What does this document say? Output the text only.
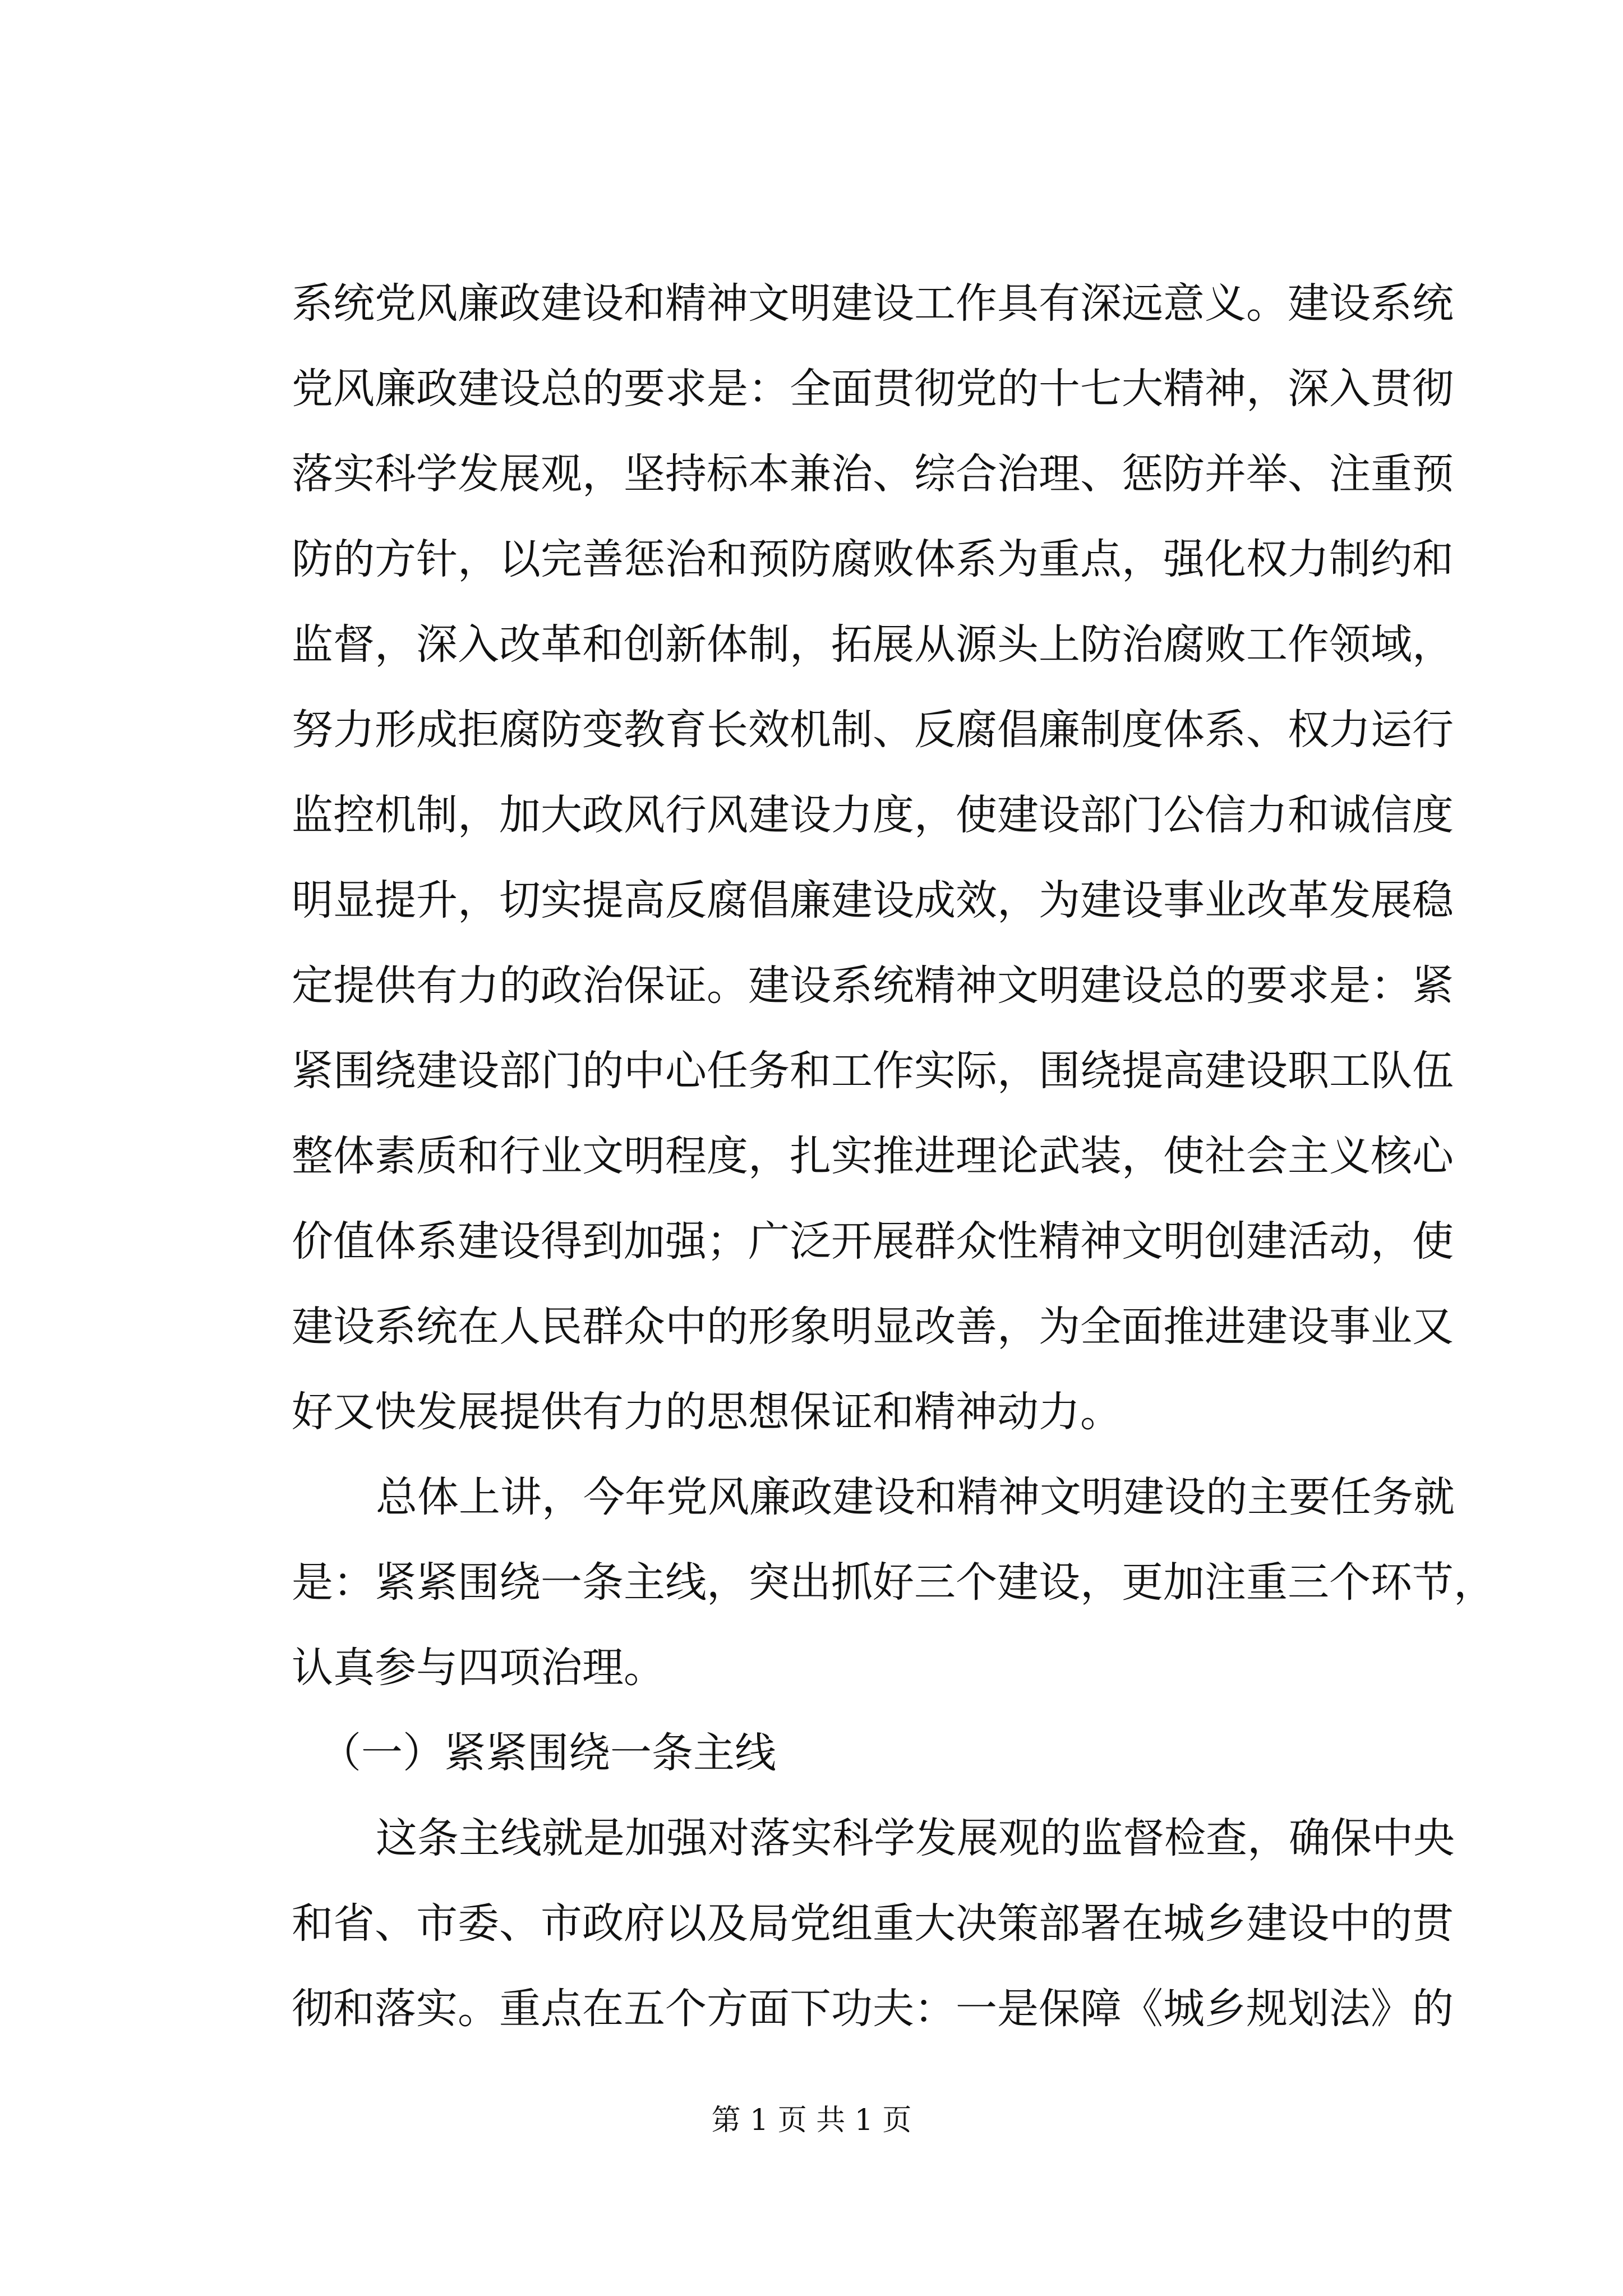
系统党风廉政建设和精神文明建设工作具有深远意义。建设系统
党风廉政建设总的要求是：全面贯彻党的十七大精神，深入贯彻
落实科学发展观，坚持标本兼治、综合治理、惩防并举、注重预
防的方针，以完善惩治和预防腐败体系为重点，强化权力制约和
监督，深入改革和创新体制，拓展从源头上防治腐败工作领域，
努力形成拒腐防变教育长效机制、反腐倡廉制度体系、权力运行
监控机制，加大政风行风建设力度，使建设部门公信力和诚信度
明显提升，切实提高反腐倡廉建设成效，为建设事业改革发展稳
定提供有力的政治保证。建设系统精神文明建设总的要求是：紧
紧围绕建设部门的中心任务和工作实际，围绕提高建设职工队伍
整体素质和行业文明程度，扎实推进理论武装，使社会主义核心
价值体系建设得到加强；广泛开展群众性精神文明创建活动，使
建设系统在人民群众中的形象明显改善，为全面推进建设事业又
好又快发展提供有力的思想保证和精神动力。
总体上讲，今年党风廉政建设和精神文明建设的主要任务就
是：紧紧围绕一条主线，突出抓好三个建设，更加注重三个环节，
认真参与四项治理。
（一）紧紧围绕一条主线
这条主线就是加强对落实科学发展观的监督检查，确保中央
和省、市委、市政府以及局党组重大决策部署在城乡建设中的贯
彻和落实。重点在五个方面下功夫：一是保障《城乡规划法》的
第 1 页 共 1 页
